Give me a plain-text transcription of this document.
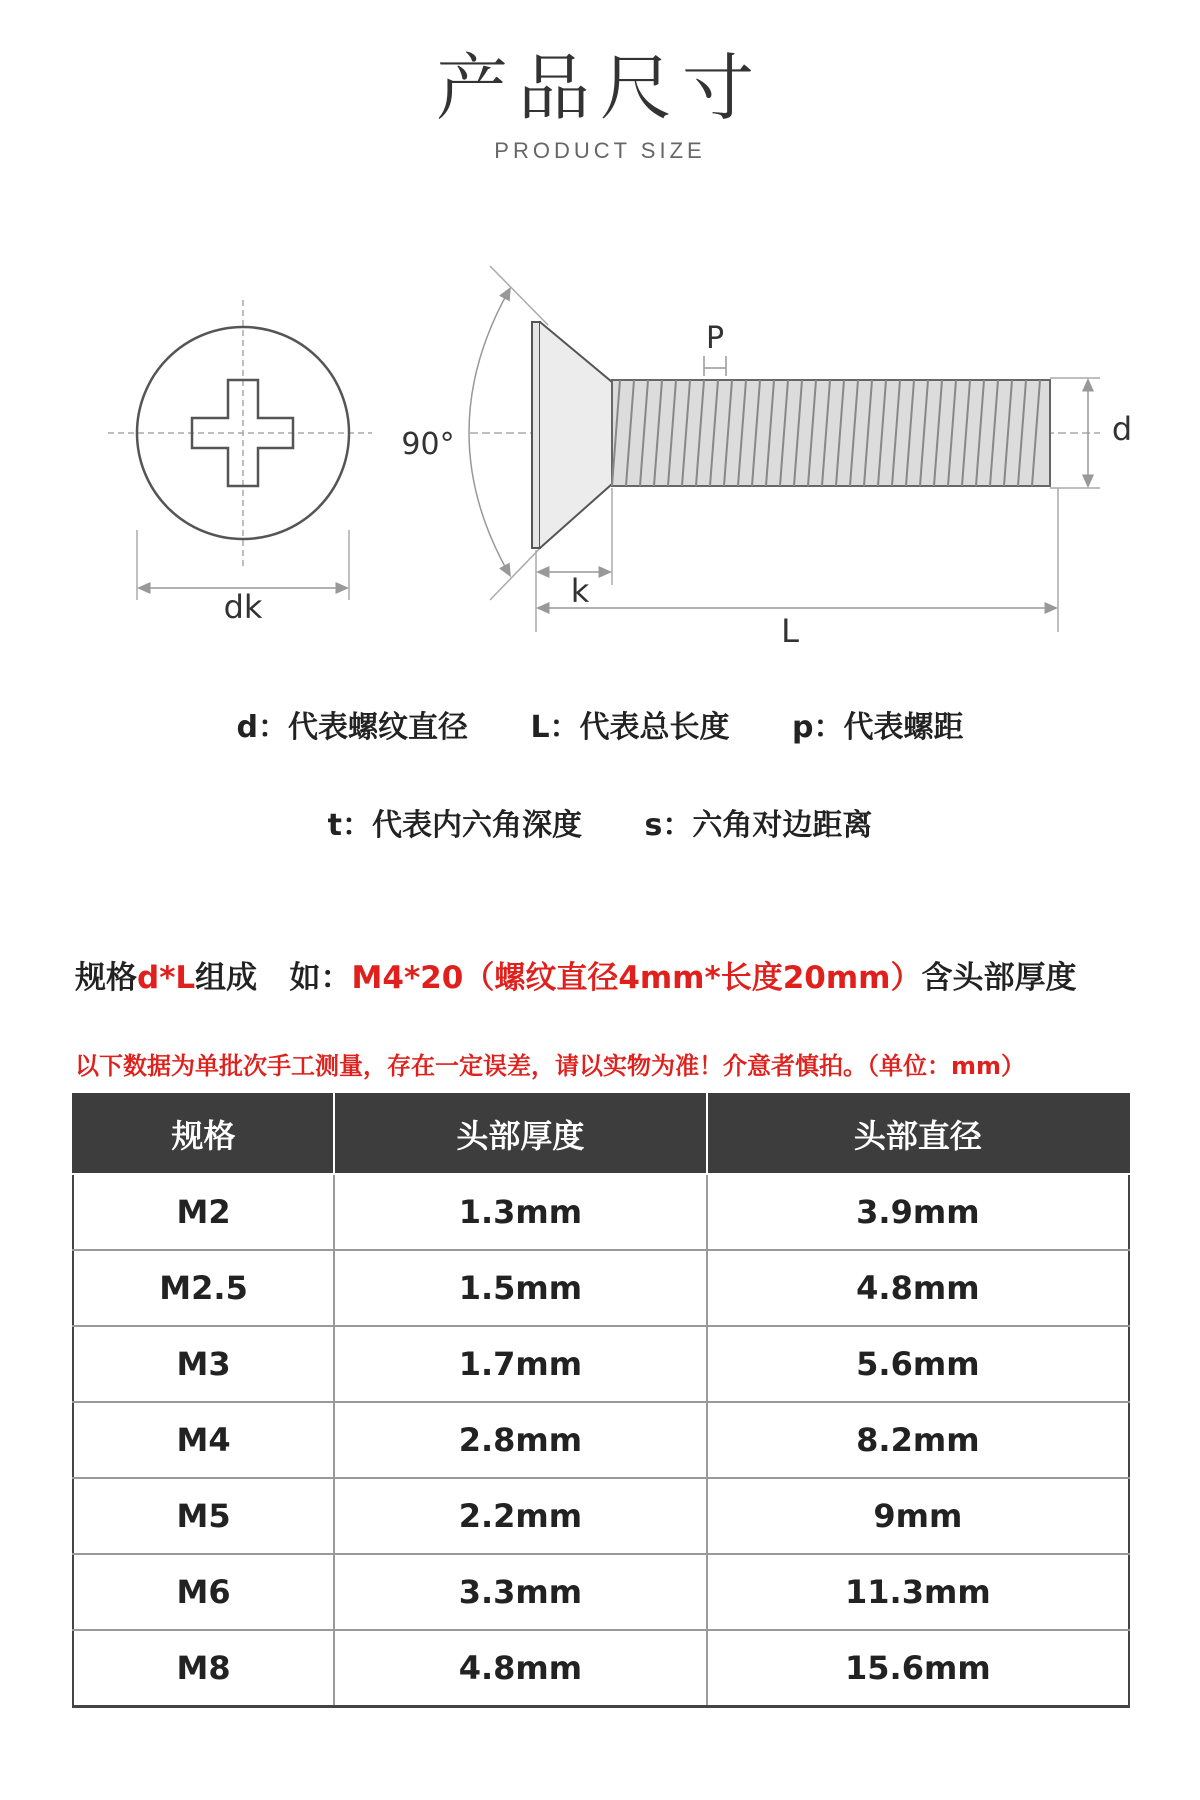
产品尺寸
PRODUCT SIZE
dk
90°
P
d
k
L
d：代表螺纹直径 L：代表总长度 p：代表螺距
t：代表内六角深度 s：六角对边距离
规格d*L组成   如：M4*20（螺纹直径4mm*长度20mm）含头部厚度
以下数据为单批次手工测量，存在一定误差，请以实物为准！介意者慎拍。（单位：mm）
规格	头部厚度	头部直径
M2	1.3mm	3.9mm
M2.5	1.5mm	4.8mm
M3	1.7mm	5.6mm
M4	2.8mm	8.2mm
M5	2.2mm	9mm
M6	3.3mm	11.3mm
M8	4.8mm	15.6mm
